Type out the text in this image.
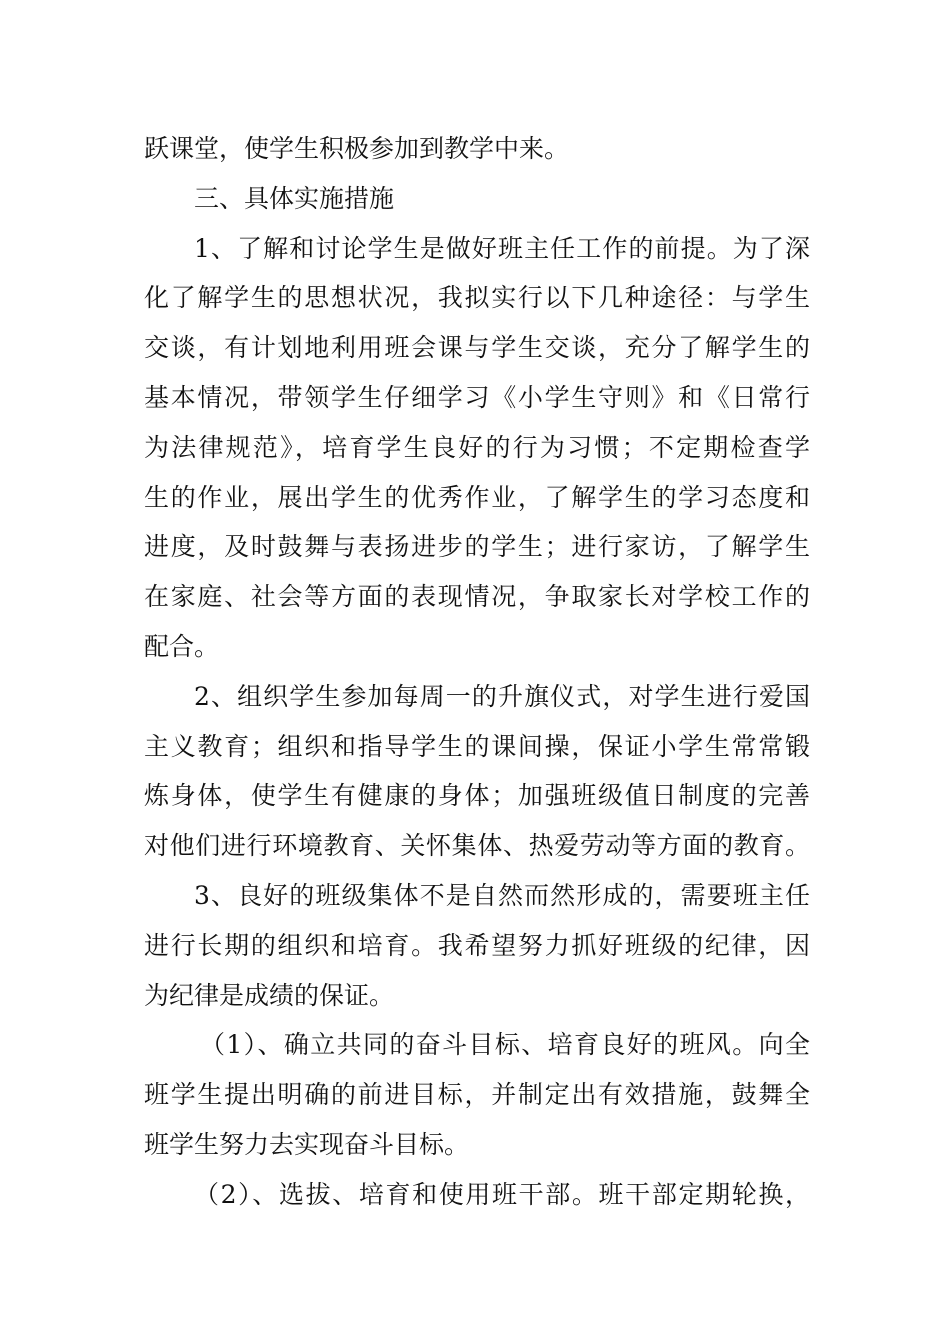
跃课堂，使学生积极参加到教学中来。
三、具体实施措施
1、了解和讨论学生是做好班主任工作的前提。为了深
化了解学生的思想状况，我拟实行以下几种途径：与学生
交谈，有计划地利用班会课与学生交谈，充分了解学生的
基本情况，带领学生仔细学习《小学生守则》和《日常行
为法律规范》，培育学生良好的行为习惯；不定期检查学
生的作业，展出学生的优秀作业，了解学生的学习态度和
进度，及时鼓舞与表扬进步的学生；进行家访，了解学生
在家庭、社会等方面的表现情况，争取家长对学校工作的
配合。
2、组织学生参加每周一的升旗仪式，对学生进行爱国
主义教育；组织和指导学生的课间操，保证小学生常常锻
炼身体，使学生有健康的身体；加强班级值日制度的完善
对他们进行环境教育、关怀集体、热爱劳动等方面的教育。
3、良好的班级集体不是自然而然形成的，需要班主任
进行长期的组织和培育。我希望努力抓好班级的纪律，因
为纪律是成绩的保证。
（1）、确立共同的奋斗目标、培育良好的班风。向全
班学生提出明确的前进目标，并制定出有效措施，鼓舞全
班学生努力去实现奋斗目标。
（2）、选拔、培育和使用班干部。班干部定期轮换，
